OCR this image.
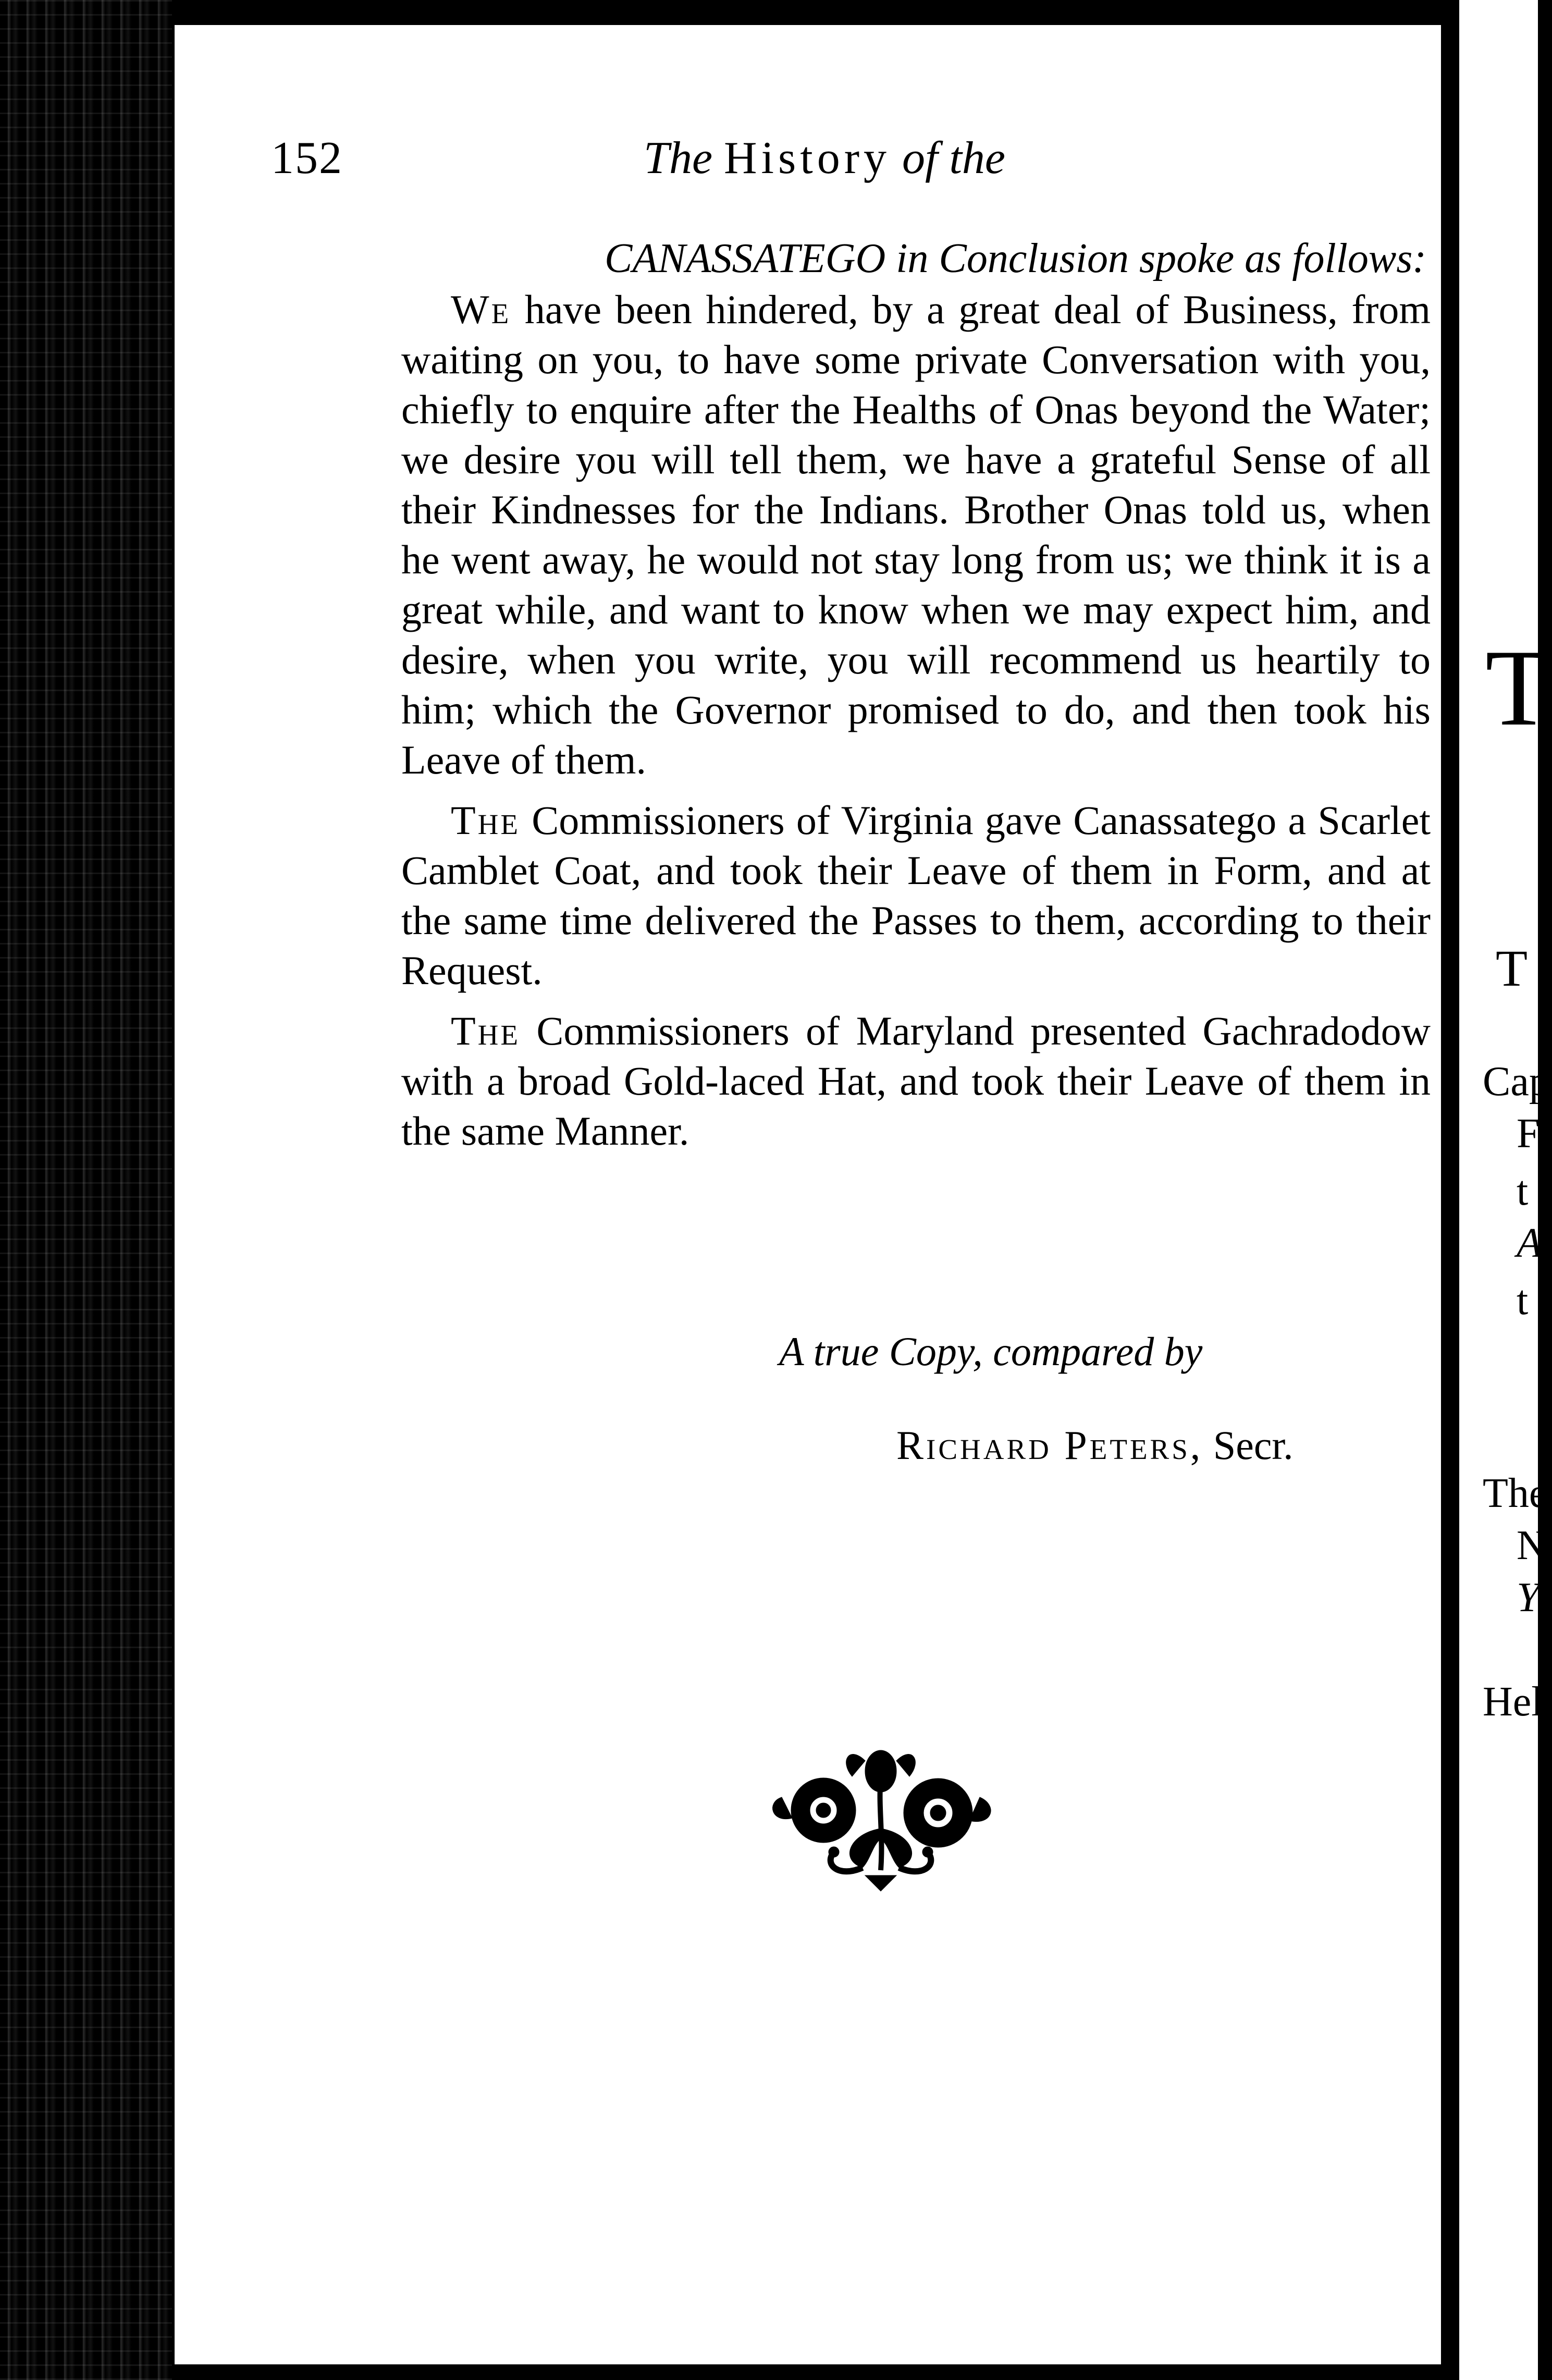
152	The History of the
CANASSATEGO in Conclusion spoke as follows:

We have been hindered, by a great deal of Business, from waiting on you, to have some private Conversation with you, chiefly to enquire after the Healths of Onas beyond the Water; we desire you will tell them, we have a grateful Sense of all their Kindnesses for the Indians. Brother Onas told us, when he went away, he would not stay long from us; we think it is a great while, and want to know when we may expect him, and desire, when you write, you will recommend us heartily to him; which the Governor promised to do, and then took his Leave of them.

The Commissioners of Virginia gave Canassatego a Scarlet Camblet Coat, and took their Leave of them in Form, and at the same time delivered the Passes to them, according to their Request.

The Commissioners of Maryland presented Gachradodow with a broad Gold-laced Hat, and took their Leave of them in the same Manner.

A true Copy, compared by
Richard Peters, Secr.
T
T
Cap
F
t
A
t
The
N
Y
Hel
